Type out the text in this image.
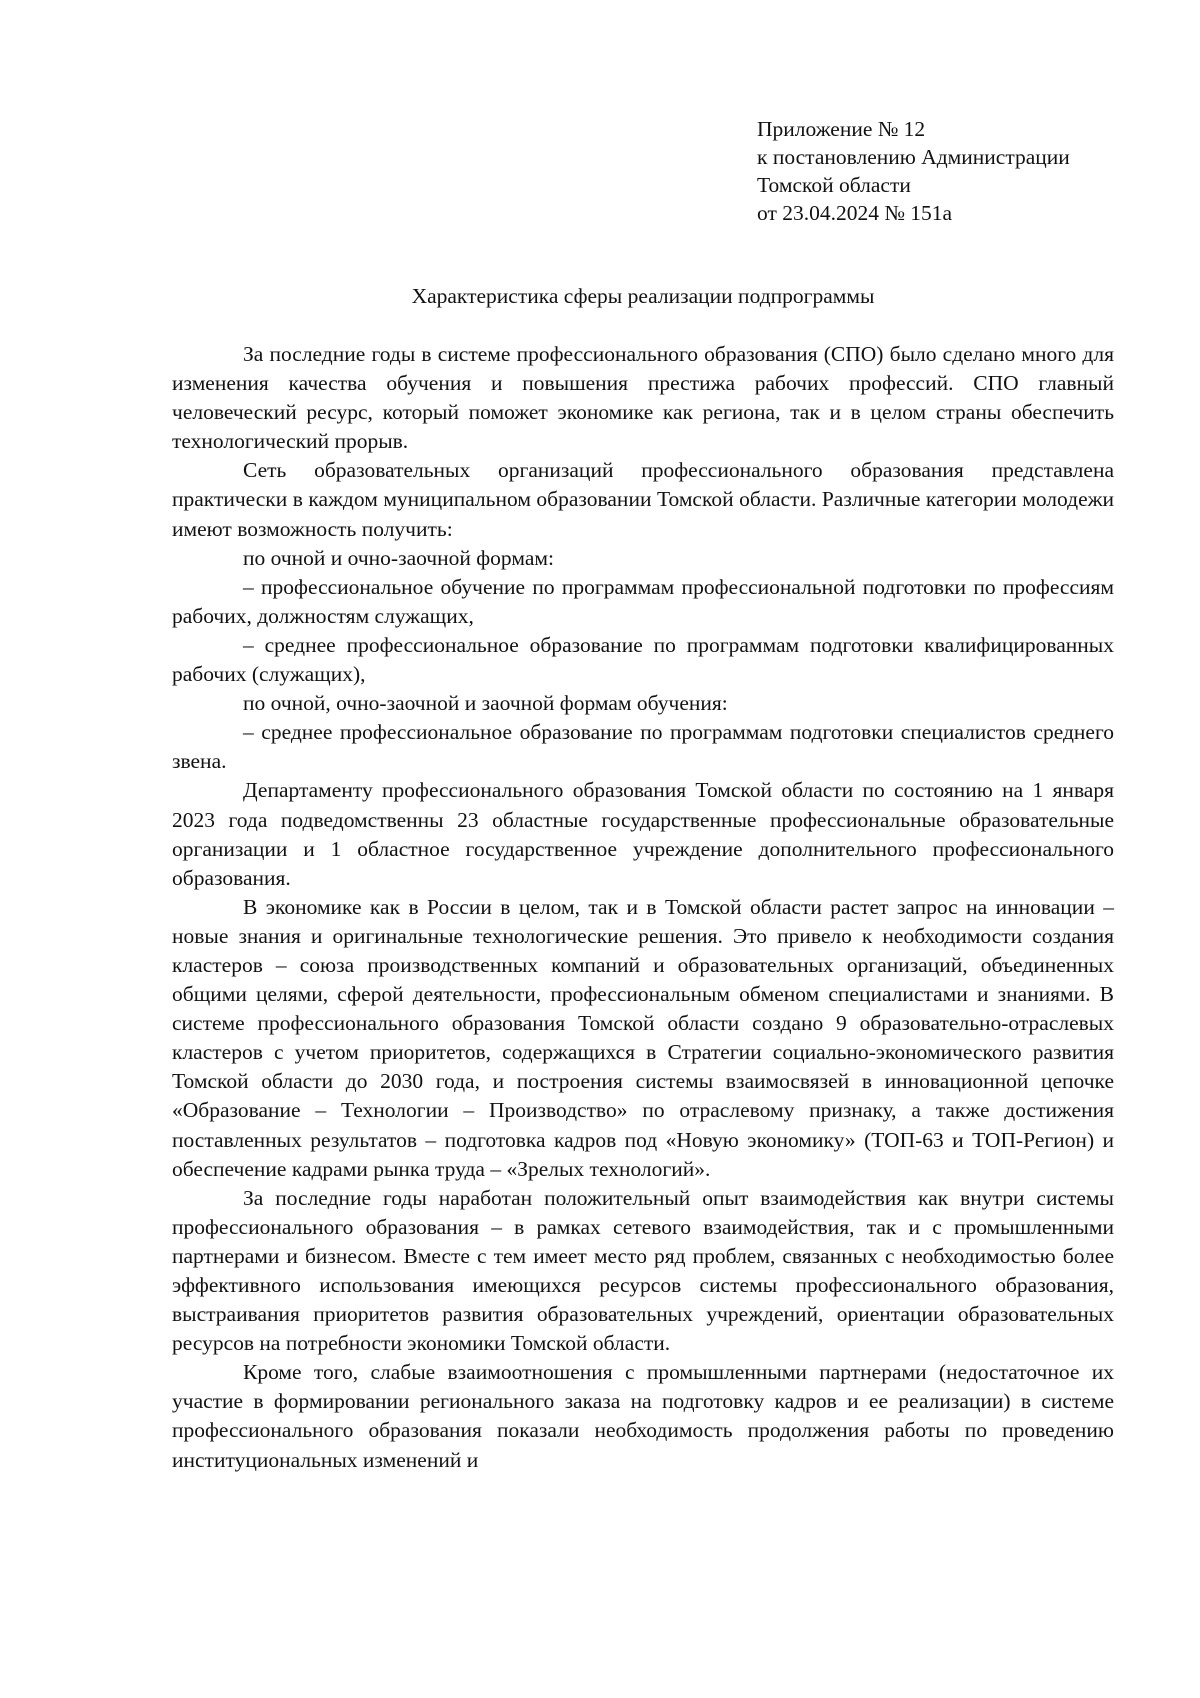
Приложение № 12
к постановлению Администрации
Томской области
от 23.04.2024 № 151а
Характеристика сферы реализации подпрограммы

За последние годы в системе профессионального образования (СПО) было сделано много для изменения качества обучения и повышения престижа рабочих профессий. СПО главный человеческий ресурс, который поможет экономике как региона, так и в целом страны обеспечить технологический прорыв.

Сеть образовательных организаций профессионального образования представлена практически в каждом муниципальном образовании Томской области. Различные категории молодежи имеют возможность получить:

по очной и очно-заочной формам:

– профессиональное обучение по программам профессиональной подготовки по профессиям рабочих, должностям служащих,

– среднее профессиональное образование по программам подготовки квалифицированных рабочих (служащих),

по очной, очно-заочной и заочной формам обучения:

– среднее профессиональное образование по программам подготовки специалистов среднего звена.

Департаменту профессионального образования Томской области по состоянию на 1 января 2023 года подведомственны 23 областные государственные профессиональные образовательные организации и 1 областное государственное учреждение дополнительного профессионального образования.

В экономике как в России в целом, так и в Томской области растет запрос на инновации – новые знания и оригинальные технологические решения. Это привело к необходимости создания кластеров – союза производственных компаний и образовательных организаций, объединенных общими целями, сферой деятельности, профессиональным обменом специалистами и знаниями. В системе профессионального образования Томской области создано 9 образовательно-отраслевых кластеров с учетом приоритетов, содержащихся в Стратегии социально-экономического развития Томской области до 2030 года, и построения системы взаимосвязей в инновационной цепочке «Образование – Технологии – Производство» по отраслевому признаку, а также достижения поставленных результатов – подготовка кадров под «Новую экономику» (ТОП-63 и ТОП-Регион) и обеспечение кадрами рынка труда – «Зрелых технологий».

За последние годы наработан положительный опыт взаимодействия как внутри системы профессионального образования – в рамках сетевого взаимодействия, так и с промышленными партнерами и бизнесом. Вместе с тем имеет место ряд проблем, связанных с необходимостью более эффективного использования имеющихся ресурсов системы профессионального образования, выстраивания приоритетов развития образовательных учреждений, ориентации образовательных ресурсов на потребности экономики Томской области.

Кроме того, слабые взаимоотношения с промышленными партнерами (недостаточное их участие в формировании регионального заказа на подготовку кадров и ее реализации) в системе профессионального образования показали необходимость продолжения работы по проведению институциональных изменений и
